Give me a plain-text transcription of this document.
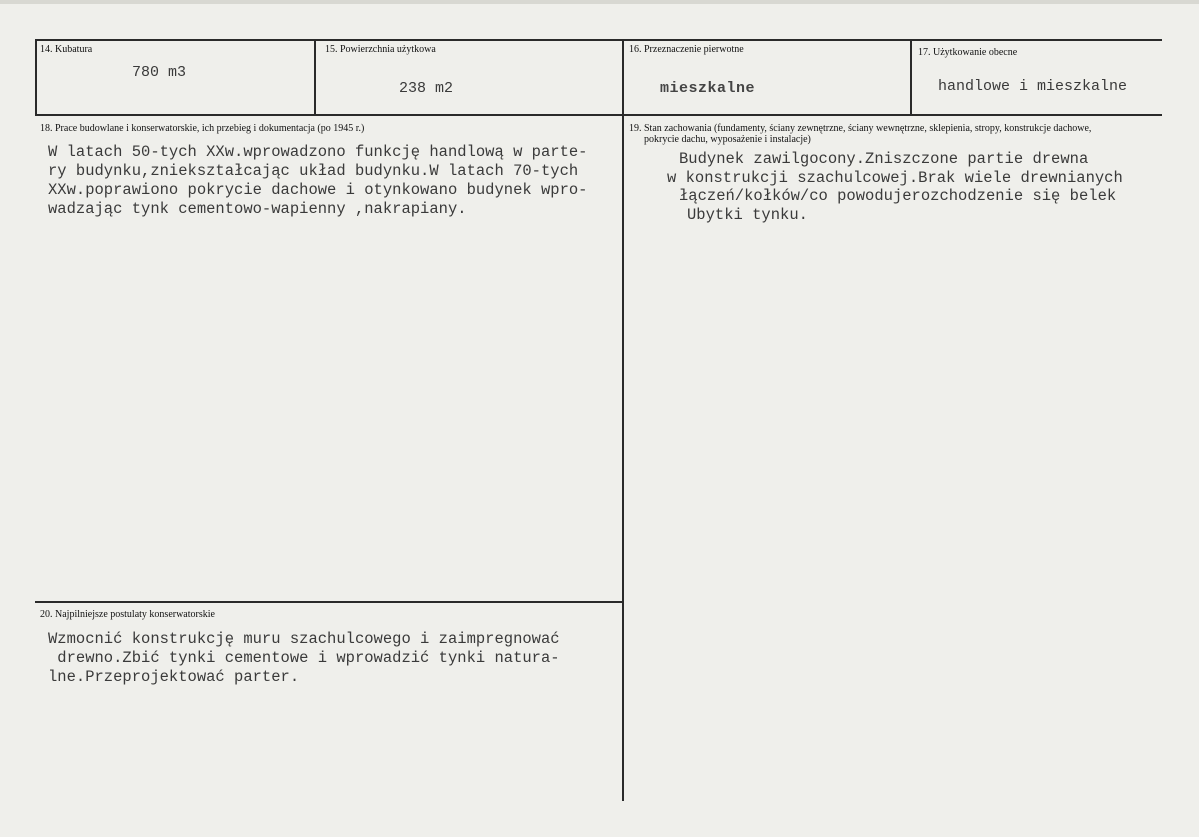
14. Kubatura
780 m3
15. Powierzchnia użytkowa
238 m2
16. Przeznaczenie pierwotne
mieszkalne
17. Użytkowanie obecne
handlowe i mieszkalne
18. Prace budowlane i konserwatorskie, ich przebieg i dokumentacja (po 1945 r.)
W latach 50-tych XXw.wprowadzono funkcję handlową w parte-
ry budynku,zniekształcając układ budynku.W latach 70-tych
XXw.poprawiono pokrycie dachowe i otynkowano budynek wpro-
wadzając tynk cementowo-wapienny ,nakrapiany.
19. Stan zachowania (fundamenty, ściany zewnętrzne, ściany wewnętrzne, sklepienia, stropy, konstrukcje dachowe,
pokrycie dachu, wyposażenie i instalacje)
Budynek zawilgocony.Zniszczone partie drewna
w konstrukcji szachulcowej.Brak wiele drewnianych
łączeń/kołków/co powodujerozchodzenie się belek
Ubytki tynku.
20. Najpilniejsze postulaty konserwatorskie
Wzmocnić konstrukcję muru szachulcowego i zaimpregnować
drewno.Zbić tynki cementowe i wprowadzić tynki natura-
lne.Przeprojektować parter.
